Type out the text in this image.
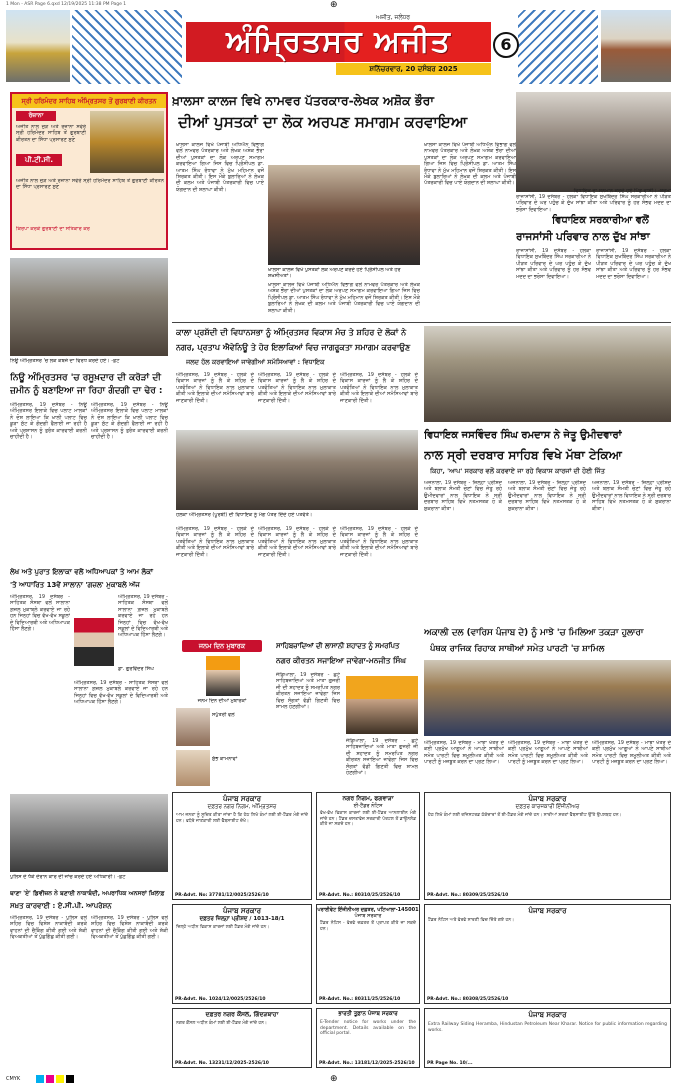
1 Mon - ASR Page 6.qxd 12/19/2025 11:38 PM Page 1	⊕
ਅਜੀਤ, ਜਲੰਧਰ
ਅੰਮ੍ਰਿਤਸਰ ਅਜੀਤ
ਸ਼ਨਿੱਚਰਵਾਰ, 20 ਦਸੰਬਰ 2025
6
ਸ੍ਰੀ ਹਰਿਮੰਦਰ ਸਾਹਿਬ ਅੰਮ੍ਰਿਤਸਰ ਤੋਂ ਗੁਰਬਾਣੀ ਕੀਰਤਨ
ਰੋਜ਼ਾਨਾ
ਅਜੀਤ ਨਾਲ ਜੁੜੋ ਅਤੇ ਰੋਜ਼ਾਨਾ ਸਵੇਰੇ ਸ੍ਰੀ ਹਰਿਮੰਦਰ ਸਾਹਿਬ ਤੋਂ ਗੁਰਬਾਣੀ ਕੀਰਤਨ ਦਾ ਸਿੱਧਾ ਪ੍ਰਸਾਰਣ ਸੁਣੋ
ਪੀ.ਟੀ.ਸੀ.
ਅਜੀਤ ਨਾਲ ਜੁੜੋ ਅਤੇ ਰੋਜ਼ਾਨਾ ਸਵੇਰੇ ਸ੍ਰੀ ਹਰਿਮੰਦਰ ਸਾਹਿਬ ਤੋਂ ਗੁਰਬਾਣੀ ਕੀਰਤਨ ਦਾ ਸਿੱਧਾ ਪ੍ਰਸਾਰਣ ਸੁਣੋ
ਕਿਰਪਾ ਕਰਕੇ ਗੁਰਬਾਣੀ ਦਾ ਸਤਿਕਾਰ ਕਰੋ
ਖ਼ਾਲਸਾ ਕਾਲਜ ਵਿਖੇ ਨਾਮਵਰ ਪੱਤਰਕਾਰ-ਲੇਖਕ ਅਸ਼ੋਕ ਭੌਰਾ
ਦੀਆਂ ਪੁਸਤਕਾਂ ਦਾ ਲੋਕ ਅਰਪਣ ਸਮਾਗਮ ਕਰਵਾਇਆ
ਖ਼ਾਲਸਾ ਕਾਲਜ ਵਿਖੇ ਪੰਜਾਬੀ ਅਧਿਐਨ ਵਿਭਾਗ ਵਲੋਂ ਨਾਮਵਰ ਪੱਤਰਕਾਰ ਅਤੇ ਲੇਖਕ ਅਸ਼ੋਕ ਭੌਰਾ ਦੀਆਂ ਪੁਸਤਕਾਂ ਦਾ ਲੋਕ ਅਰਪਣ ਸਮਾਗਮ ਕਰਵਾਇਆ ਗਿਆ ਜਿਸ ਵਿਚ ਪ੍ਰਿੰਸੀਪਲ ਡਾ. ਆਤਮ ਸਿੰਘ ਰੰਧਾਵਾ ਨੇ ਮੁੱਖ ਮਹਿਮਾਨ ਵਜੋਂ ਸ਼ਿਰਕਤ ਕੀਤੀ। ਇਸ ਮੌਕੇ ਬੁਲਾਰਿਆਂ ਨੇ ਲੇਖਕ ਦੀ ਕਲਮ ਅਤੇ ਪੰਜਾਬੀ ਪੱਤਰਕਾਰੀ ਵਿਚ ਪਾਏ ਯੋਗਦਾਨ ਦੀ ਸ਼ਲਾਘਾ ਕੀਤੀ।
ਖ਼ਾਲਸਾ ਕਾਲਜ ਵਿਖੇ ਪੁਸਤਕਾਂ ਲੋਕ ਅਰਪਣ ਕਰਦੇ ਹੋਏ ਪ੍ਰਿੰਸੀਪਲ ਅਤੇ ਹੋਰ ਸ਼ਖ਼ਸੀਅਤਾਂ।
ਖ਼ਾਲਸਾ ਕਾਲਜ ਵਿਖੇ ਪੰਜਾਬੀ ਅਧਿਐਨ ਵਿਭਾਗ ਵਲੋਂ ਨਾਮਵਰ ਪੱਤਰਕਾਰ ਅਤੇ ਲੇਖਕ ਅਸ਼ੋਕ ਭੌਰਾ ਦੀਆਂ ਪੁਸਤਕਾਂ ਦਾ ਲੋਕ ਅਰਪਣ ਸਮਾਗਮ ਕਰਵਾਇਆ ਗਿਆ ਜਿਸ ਵਿਚ ਪ੍ਰਿੰਸੀਪਲ ਡਾ. ਆਤਮ ਸਿੰਘ ਰੰਧਾਵਾ ਨੇ ਮੁੱਖ ਮਹਿਮਾਨ ਵਜੋਂ ਸ਼ਿਰਕਤ ਕੀਤੀ। ਇਸ ਮੌਕੇ ਬੁਲਾਰਿਆਂ ਨੇ ਲੇਖਕ ਦੀ ਕਲਮ ਅਤੇ ਪੰਜਾਬੀ ਪੱਤਰਕਾਰੀ ਵਿਚ ਪਾਏ ਯੋਗਦਾਨ ਦੀ ਸ਼ਲਾਘਾ ਕੀਤੀ।
ਖ਼ਾਲਸਾ ਕਾਲਜ ਵਿਖੇ ਪੰਜਾਬੀ ਅਧਿਐਨ ਵਿਭਾਗ ਵਲੋਂ ਨਾਮਵਰ ਪੱਤਰਕਾਰ ਅਤੇ ਲੇਖਕ ਅਸ਼ੋਕ ਭੌਰਾ ਦੀਆਂ ਪੁਸਤਕਾਂ ਦਾ ਲੋਕ ਅਰਪਣ ਸਮਾਗਮ ਕਰਵਾਇਆ ਗਿਆ ਜਿਸ ਵਿਚ ਪ੍ਰਿੰਸੀਪਲ ਡਾ. ਆਤਮ ਸਿੰਘ ਰੰਧਾਵਾ ਨੇ ਮੁੱਖ ਮਹਿਮਾਨ ਵਜੋਂ ਸ਼ਿਰਕਤ ਕੀਤੀ। ਇਸ ਮੌਕੇ ਬੁਲਾਰਿਆਂ ਨੇ ਲੇਖਕ ਦੀ ਕਲਮ ਅਤੇ ਪੰਜਾਬੀ ਪੱਤਰਕਾਰੀ ਵਿਚ ਪਾਏ ਯੋਗਦਾਨ ਦੀ ਸ਼ਲਾਘਾ ਕੀਤੀ।
ਰਾਜਾਸਾਂਸੀ, 19 ਦਸੰਬਰ - ਹਲਕਾ ਵਿਧਾਇਕ ਸੁਖਬਿੰਦਰ ਸਿੰਘ ਸਰਕਾਰੀਆ ਨੇ ਪੀੜਤ ਪਰਿਵਾਰ ਦੇ ਘਰ ਪਹੁੰਚ ਕੇ ਦੁੱਖ ਸਾਂਝਾ ਕੀਤਾ ਅਤੇ ਪਰਿਵਾਰ ਨੂੰ ਹਰ ਸੰਭਵ ਮਦਦ ਦਾ ਭਰੋਸਾ ਦਿਵਾਇਆ।
ਵਿਧਾਇਕ ਦਾ ਸਨਮਾਨ ਕਰਦੇ ਹੋਏ ਪਿੰਡ ਵਾਸੀ। -ਸ਼ਰਮਾ
ਵਿਧਾਇਕ ਸਰਕਾਰੀਆ ਵਲੋਂ
ਰਾਜਸਾਂਸੀ ਪਰਿਵਾਰ ਨਾਲ ਦੁੱਖ ਸਾਂਝਾ
ਰਾਜਾਸਾਂਸੀ, 19 ਦਸੰਬਰ - ਹਲਕਾ ਵਿਧਾਇਕ ਸੁਖਬਿੰਦਰ ਸਿੰਘ ਸਰਕਾਰੀਆ ਨੇ ਪੀੜਤ ਪਰਿਵਾਰ ਦੇ ਘਰ ਪਹੁੰਚ ਕੇ ਦੁੱਖ ਸਾਂਝਾ ਕੀਤਾ ਅਤੇ ਪਰਿਵਾਰ ਨੂੰ ਹਰ ਸੰਭਵ ਮਦਦ ਦਾ ਭਰੋਸਾ ਦਿਵਾਇਆ।
ਰਾਜਾਸਾਂਸੀ, 19 ਦਸੰਬਰ - ਹਲਕਾ ਵਿਧਾਇਕ ਸੁਖਬਿੰਦਰ ਸਿੰਘ ਸਰਕਾਰੀਆ ਨੇ ਪੀੜਤ ਪਰਿਵਾਰ ਦੇ ਘਰ ਪਹੁੰਚ ਕੇ ਦੁੱਖ ਸਾਂਝਾ ਕੀਤਾ ਅਤੇ ਪਰਿਵਾਰ ਨੂੰ ਹਰ ਸੰਭਵ ਮਦਦ ਦਾ ਭਰੋਸਾ ਦਿਵਾਇਆ।
ਨਿਊ ਅੰਮ੍ਰਿਤਸਰ 'ਚ ਲੋਕ ਕਬਜ਼ੇ ਦਾ ਵਿਰੋਧ ਕਰਦੇ ਹੋਏ। -ਫ਼ੋਟੋ
ਨਿਊ ਅੰਮ੍ਰਿਤਸਰ 'ਚ ਰਸੂਖ਼ਦਾਰ ਦੀ ਕਰੋੜਾਂ ਦੀ ਜ਼ਮੀਨ ਨੂੰ ਬਣਾਇਆ ਜਾ ਰਿਹਾ ਗੰਦਗੀ ਦਾ ਢੇਰ :
ਅੰਮ੍ਰਿਤਸਰ, 19 ਦਸੰਬਰ - ਨਿਊ ਅੰਮ੍ਰਿਤਸਰ ਇਲਾਕੇ ਵਿਚ ਪਲਾਟ ਮਾਲਕਾਂ ਨੇ ਦੋਸ਼ ਲਾਇਆ ਕਿ ਖ਼ਾਲੀ ਪਲਾਟ ਵਿਚ ਕੂੜਾ ਸੁੱਟ ਕੇ ਗੰਦਗੀ ਫੈਲਾਈ ਜਾ ਰਹੀ ਹੈ ਅਤੇ ਪ੍ਰਸ਼ਾਸਨ ਨੂੰ ਤੁਰੰਤ ਕਾਰਵਾਈ ਕਰਨੀ ਚਾਹੀਦੀ ਹੈ।
ਅੰਮ੍ਰਿਤਸਰ, 19 ਦਸੰਬਰ - ਨਿਊ ਅੰਮ੍ਰਿਤਸਰ ਇਲਾਕੇ ਵਿਚ ਪਲਾਟ ਮਾਲਕਾਂ ਨੇ ਦੋਸ਼ ਲਾਇਆ ਕਿ ਖ਼ਾਲੀ ਪਲਾਟ ਵਿਚ ਕੂੜਾ ਸੁੱਟ ਕੇ ਗੰਦਗੀ ਫੈਲਾਈ ਜਾ ਰਹੀ ਹੈ ਅਤੇ ਪ੍ਰਸ਼ਾਸਨ ਨੂੰ ਤੁਰੰਤ ਕਾਰਵਾਈ ਕਰਨੀ ਚਾਹੀਦੀ ਹੈ।
ਕਾਲਾ ਪ੍ਰਸ਼ੱਦੀ ਦੀ ਵਿਧਾਨਸਭਾ ਨੂੰ ਅੰਮ੍ਰਿਤਸਰ ਵਿਕਾਸ ਮੰਚ ਤੇ ਸ਼ਹਿਰ ਦੇ ਲੋਕਾਂ ਨੇ
ਨਗਰ, ਪ੍ਰਤਾਪ ਐਵੇਨਿਊ ਤੇ ਹੋਰ ਇਲਾਕਿਆਂ ਵਿਚ ਜਾਗਰੂਕਤਾ ਸਮਾਗਮ ਕਰਵਾਉਣ
ਜਲਦ ਹੱਲ ਕਰਵਾਇਆਂ ਜਾਵੇਗੀਆਂ ਸਮੱਸਿਆਵਾਂ : ਵਿਧਾਇਕ
ਅੰਮ੍ਰਿਤਸਰ, 19 ਦਸੰਬਰ - ਹਲਕੇ ਦੇ ਵਿਕਾਸ ਕਾਰਜਾਂ ਨੂੰ ਲੈ ਕੇ ਸ਼ਹਿਰ ਦੇ ਪਤਵੰਤਿਆਂ ਨੇ ਵਿਧਾਇਕ ਨਾਲ ਮੁਲਾਕਾਤ ਕੀਤੀ ਅਤੇ ਇਲਾਕੇ ਦੀਆਂ ਸਮੱਸਿਆਵਾਂ ਬਾਰੇ ਜਾਣਕਾਰੀ ਦਿੱਤੀ।
ਅੰਮ੍ਰਿਤਸਰ, 19 ਦਸੰਬਰ - ਹਲਕੇ ਦੇ ਵਿਕਾਸ ਕਾਰਜਾਂ ਨੂੰ ਲੈ ਕੇ ਸ਼ਹਿਰ ਦੇ ਪਤਵੰਤਿਆਂ ਨੇ ਵਿਧਾਇਕ ਨਾਲ ਮੁਲਾਕਾਤ ਕੀਤੀ ਅਤੇ ਇਲਾਕੇ ਦੀਆਂ ਸਮੱਸਿਆਵਾਂ ਬਾਰੇ ਜਾਣਕਾਰੀ ਦਿੱਤੀ।
ਅੰਮ੍ਰਿਤਸਰ, 19 ਦਸੰਬਰ - ਹਲਕੇ ਦੇ ਵਿਕਾਸ ਕਾਰਜਾਂ ਨੂੰ ਲੈ ਕੇ ਸ਼ਹਿਰ ਦੇ ਪਤਵੰਤਿਆਂ ਨੇ ਵਿਧਾਇਕ ਨਾਲ ਮੁਲਾਕਾਤ ਕੀਤੀ ਅਤੇ ਇਲਾਕੇ ਦੀਆਂ ਸਮੱਸਿਆਵਾਂ ਬਾਰੇ ਜਾਣਕਾਰੀ ਦਿੱਤੀ।
ਹਲਕਾ ਅੰਮ੍ਰਿਤਸਰ (ਪੂਰਬੀ) ਦੀ ਵਿਧਾਇਕ ਨੂੰ ਮੰਗ ਪੱਤਰ ਦਿੰਦੇ ਹੋਏ ਪਤਵੰਤੇ।
ਅੰਮ੍ਰਿਤਸਰ, 19 ਦਸੰਬਰ - ਹਲਕੇ ਦੇ ਵਿਕਾਸ ਕਾਰਜਾਂ ਨੂੰ ਲੈ ਕੇ ਸ਼ਹਿਰ ਦੇ ਪਤਵੰਤਿਆਂ ਨੇ ਵਿਧਾਇਕ ਨਾਲ ਮੁਲਾਕਾਤ ਕੀਤੀ ਅਤੇ ਇਲਾਕੇ ਦੀਆਂ ਸਮੱਸਿਆਵਾਂ ਬਾਰੇ ਜਾਣਕਾਰੀ ਦਿੱਤੀ।
ਅੰਮ੍ਰਿਤਸਰ, 19 ਦਸੰਬਰ - ਹਲਕੇ ਦੇ ਵਿਕਾਸ ਕਾਰਜਾਂ ਨੂੰ ਲੈ ਕੇ ਸ਼ਹਿਰ ਦੇ ਪਤਵੰਤਿਆਂ ਨੇ ਵਿਧਾਇਕ ਨਾਲ ਮੁਲਾਕਾਤ ਕੀਤੀ ਅਤੇ ਇਲਾਕੇ ਦੀਆਂ ਸਮੱਸਿਆਵਾਂ ਬਾਰੇ ਜਾਣਕਾਰੀ ਦਿੱਤੀ।
ਅੰਮ੍ਰਿਤਸਰ, 19 ਦਸੰਬਰ - ਹਲਕੇ ਦੇ ਵਿਕਾਸ ਕਾਰਜਾਂ ਨੂੰ ਲੈ ਕੇ ਸ਼ਹਿਰ ਦੇ ਪਤਵੰਤਿਆਂ ਨੇ ਵਿਧਾਇਕ ਨਾਲ ਮੁਲਾਕਾਤ ਕੀਤੀ ਅਤੇ ਇਲਾਕੇ ਦੀਆਂ ਸਮੱਸਿਆਵਾਂ ਬਾਰੇ ਜਾਣਕਾਰੀ ਦਿੱਤੀ।
ਵਿਧਾਇਕ ਜਸਵਿੰਦਰ ਸਿੰਘ ਰਮਦਾਸ ਨੇ ਜੇਤੂ ਉਮੀਦਵਾਰਾਂ
ਨਾਲ ਸ੍ਰੀ ਦਰਬਾਰ ਸਾਹਿਬ ਵਿਖੇ ਮੱਥਾ ਟੇਕਿਆ
ਕਿਹਾ, 'ਆਪ' ਸਰਕਾਰ ਵਲੋਂ ਕਰਵਾਏ ਜਾ ਰਹੇ ਵਿਕਾਸ ਕਾਰਜਾਂ ਦੀ ਹੋਈ ਜਿੱਤ
ਅਜਨਾਲਾ, 19 ਦਸੰਬਰ - ਜ਼ਿਲ੍ਹਾ ਪ੍ਰੀਸ਼ਦ ਅਤੇ ਬਲਾਕ ਸੰਮਤੀ ਚੋਣਾਂ ਵਿਚ ਜੇਤੂ ਰਹੇ ਉਮੀਦਵਾਰਾਂ ਨਾਲ ਵਿਧਾਇਕ ਨੇ ਸ੍ਰੀ ਦਰਬਾਰ ਸਾਹਿਬ ਵਿਖੇ ਨਤਮਸਤਕ ਹੋ ਕੇ ਸ਼ੁਕਰਾਨਾ ਕੀਤਾ।
ਅਜਨਾਲਾ, 19 ਦਸੰਬਰ - ਜ਼ਿਲ੍ਹਾ ਪ੍ਰੀਸ਼ਦ ਅਤੇ ਬਲਾਕ ਸੰਮਤੀ ਚੋਣਾਂ ਵਿਚ ਜੇਤੂ ਰਹੇ ਉਮੀਦਵਾਰਾਂ ਨਾਲ ਵਿਧਾਇਕ ਨੇ ਸ੍ਰੀ ਦਰਬਾਰ ਸਾਹਿਬ ਵਿਖੇ ਨਤਮਸਤਕ ਹੋ ਕੇ ਸ਼ੁਕਰਾਨਾ ਕੀਤਾ।
ਅਜਨਾਲਾ, 19 ਦਸੰਬਰ - ਜ਼ਿਲ੍ਹਾ ਪ੍ਰੀਸ਼ਦ ਅਤੇ ਬਲਾਕ ਸੰਮਤੀ ਚੋਣਾਂ ਵਿਚ ਜੇਤੂ ਰਹੇ ਉਮੀਦਵਾਰਾਂ ਨਾਲ ਵਿਧਾਇਕ ਨੇ ਸ੍ਰੀ ਦਰਬਾਰ ਸਾਹਿਬ ਵਿਖੇ ਨਤਮਸਤਕ ਹੋ ਕੇ ਸ਼ੁਕਰਾਨਾ ਕੀਤਾ।
ਲੇਖ ਅਤੇ ਪੁਰਾਤ ਇਲਾਕਾ ਵਲੋਂ ਅਧਿਆਪਕਾਂ ਤੇ ਆਮ ਲੋਕਾਂ
'ਤੇ ਆਧਾਰਿਤ 13ਵੇਂ ਸਾਲਾਨਾ 'ਗਜ਼ਲ' ਮੁਕਾਬਲੇ ਅੱਜ
ਅੰਮ੍ਰਿਤਸਰ, 19 ਦਸੰਬਰ - ਸਾਹਿਤਕ ਸੰਸਥਾ ਵਲੋਂ ਸਾਲਾਨਾ ਗ਼ਜ਼ਲ ਮੁਕਾਬਲੇ ਕਰਵਾਏ ਜਾ ਰਹੇ ਹਨ ਜਿਨ੍ਹਾਂ ਵਿਚ ਵੱਖ-ਵੱਖ ਸਕੂਲਾਂ ਦੇ ਵਿਦਿਆਰਥੀ ਅਤੇ ਅਧਿਆਪਕ ਹਿੱਸਾ ਲੈਣਗੇ।
ਡਾ. ਗੁਰਵਿੰਦਰ ਸਿੰਘ
ਅੰਮ੍ਰਿਤਸਰ, 19 ਦਸੰਬਰ - ਸਾਹਿਤਕ ਸੰਸਥਾ ਵਲੋਂ ਸਾਲਾਨਾ ਗ਼ਜ਼ਲ ਮੁਕਾਬਲੇ ਕਰਵਾਏ ਜਾ ਰਹੇ ਹਨ ਜਿਨ੍ਹਾਂ ਵਿਚ ਵੱਖ-ਵੱਖ ਸਕੂਲਾਂ ਦੇ ਵਿਦਿਆਰਥੀ ਅਤੇ ਅਧਿਆਪਕ ਹਿੱਸਾ ਲੈਣਗੇ।
ਅੰਮ੍ਰਿਤਸਰ, 19 ਦਸੰਬਰ - ਸਾਹਿਤਕ ਸੰਸਥਾ ਵਲੋਂ ਸਾਲਾਨਾ ਗ਼ਜ਼ਲ ਮੁਕਾਬਲੇ ਕਰਵਾਏ ਜਾ ਰਹੇ ਹਨ ਜਿਨ੍ਹਾਂ ਵਿਚ ਵੱਖ-ਵੱਖ ਸਕੂਲਾਂ ਦੇ ਵਿਦਿਆਰਥੀ ਅਤੇ ਅਧਿਆਪਕ ਹਿੱਸਾ ਲੈਣਗੇ।
ਜਨਮ ਦਿਨ ਮੁਬਾਰਕ
ਜਨਮ ਦਿਨ ਦੀਆਂ ਮੁਬਾਰਕਾਂ
ਸਪੁੱਤਰੀ ਵਲੋਂ
ਸ਼ੁੱਭ ਕਾਮਨਾਵਾਂ
ਸਾਹਿਬਜ਼ਾਦਿਆਂ ਦੀ ਲਾਸਾਨੀ ਸ਼ਹਾਦਤ ਨੂੰ ਸਮਰਪਿਤ
ਨਗਰ ਕੀਰਤਨ ਸਜਾਇਆ ਜਾਵੇਗਾ-ਮਨਜੀਤ ਸਿੰਘ
ਜੰਡਿਆਲਾ, 19 ਦਸੰਬਰ - ਛੋਟੇ ਸਾਹਿਬਜ਼ਾਦਿਆਂ ਅਤੇ ਮਾਤਾ ਗੁਜਰੀ ਜੀ ਦੀ ਸ਼ਹਾਦਤ ਨੂੰ ਸਮਰਪਿਤ ਨਗਰ ਕੀਰਤਨ ਸਜਾਇਆ ਜਾਵੇਗਾ ਜਿਸ ਵਿਚ ਸੰਗਤਾਂ ਵੱਡੀ ਗਿਣਤੀ ਵਿਚ ਸ਼ਾਮਲ ਹੋਣਗੀਆਂ।
ਜੰਡਿਆਲਾ, 19 ਦਸੰਬਰ - ਛੋਟੇ ਸਾਹਿਬਜ਼ਾਦਿਆਂ ਅਤੇ ਮਾਤਾ ਗੁਜਰੀ ਜੀ ਦੀ ਸ਼ਹਾਦਤ ਨੂੰ ਸਮਰਪਿਤ ਨਗਰ ਕੀਰਤਨ ਸਜਾਇਆ ਜਾਵੇਗਾ ਜਿਸ ਵਿਚ ਸੰਗਤਾਂ ਵੱਡੀ ਗਿਣਤੀ ਵਿਚ ਸ਼ਾਮਲ ਹੋਣਗੀਆਂ।
ਅਕਾਲੀ ਦਲ (ਵਾਰਿਸ ਪੰਜਾਬ ਦੇ) ਨੂੰ ਮਾਝੇ 'ਚ ਮਿਲਿਆ ਤਕੜਾ ਹੁਲਾਰਾ
ਪੰਥਕ ਰਾਜਿਕ ਰਿਹਾਕ ਸਾਥੀਆਂ ਸਮੇਤ ਪਾਰਟੀ 'ਚ ਸ਼ਾਮਿਲ
ਅੰਮ੍ਰਿਤਸਰ, 19 ਦਸੰਬਰ - ਮਾਝਾ ਖੇਤਰ ਦੇ ਕਈ ਪ੍ਰਮੁੱਖ ਆਗੂਆਂ ਨੇ ਆਪਣੇ ਸਾਥੀਆਂ ਸਮੇਤ ਪਾਰਟੀ ਵਿਚ ਸ਼ਮੂਲੀਅਤ ਕੀਤੀ ਅਤੇ ਪਾਰਟੀ ਨੂੰ ਮਜ਼ਬੂਤ ਕਰਨ ਦਾ ਪ੍ਰਣ ਲਿਆ।
ਅੰਮ੍ਰਿਤਸਰ, 19 ਦਸੰਬਰ - ਮਾਝਾ ਖੇਤਰ ਦੇ ਕਈ ਪ੍ਰਮੁੱਖ ਆਗੂਆਂ ਨੇ ਆਪਣੇ ਸਾਥੀਆਂ ਸਮੇਤ ਪਾਰਟੀ ਵਿਚ ਸ਼ਮੂਲੀਅਤ ਕੀਤੀ ਅਤੇ ਪਾਰਟੀ ਨੂੰ ਮਜ਼ਬੂਤ ਕਰਨ ਦਾ ਪ੍ਰਣ ਲਿਆ।
ਅੰਮ੍ਰਿਤਸਰ, 19 ਦਸੰਬਰ - ਮਾਝਾ ਖੇਤਰ ਦੇ ਕਈ ਪ੍ਰਮੁੱਖ ਆਗੂਆਂ ਨੇ ਆਪਣੇ ਸਾਥੀਆਂ ਸਮੇਤ ਪਾਰਟੀ ਵਿਚ ਸ਼ਮੂਲੀਅਤ ਕੀਤੀ ਅਤੇ ਪਾਰਟੀ ਨੂੰ ਮਜ਼ਬੂਤ ਕਰਨ ਦਾ ਪ੍ਰਣ ਲਿਆ।
ਪੁਲਿਸ ਦੇ ਧੱਕੇ ਦੌਰਾਨ ਕਾਰ ਦੀ ਜਾਂਚ ਕਰਦੇ ਹੋਏ ਅਧਿਕਾਰੀ। -ਫ਼ੋਟੋ
ਥਾਣਾ 'ਏ' ਡਿਵੀਜ਼ਨ ਨੇ ਬਣਾਈ ਨਾਕਾਬੰਦੀ, ਅਪਰਾਧਿਕ ਅਨਸਰਾਂ ਖ਼ਿਲਾਫ਼
ਸਖ਼ਤ ਕਾਰਵਾਈ : ਏ.ਸੀ.ਪੀ. ਆਪਰੇਸ਼ਨ
ਅੰਮ੍ਰਿਤਸਰ, 19 ਦਸੰਬਰ - ਪੁਲਿਸ ਵਲੋਂ ਸ਼ਹਿਰ ਵਿਚ ਵਿਸ਼ੇਸ਼ ਨਾਕਾਬੰਦੀ ਕਰਕੇ ਵਾਹਨਾਂ ਦੀ ਚੈਕਿੰਗ ਕੀਤੀ ਗਈ ਅਤੇ ਸ਼ੱਕੀ ਵਿਅਕਤੀਆਂ ਤੋਂ ਪੁੱਛਗਿੱਛ ਕੀਤੀ ਗਈ।
ਅੰਮ੍ਰਿਤਸਰ, 19 ਦਸੰਬਰ - ਪੁਲਿਸ ਵਲੋਂ ਸ਼ਹਿਰ ਵਿਚ ਵਿਸ਼ੇਸ਼ ਨਾਕਾਬੰਦੀ ਕਰਕੇ ਵਾਹਨਾਂ ਦੀ ਚੈਕਿੰਗ ਕੀਤੀ ਗਈ ਅਤੇ ਸ਼ੱਕੀ ਵਿਅਕਤੀਆਂ ਤੋਂ ਪੁੱਛਗਿੱਛ ਕੀਤੀ ਗਈ।
ਪੰਜਾਬ ਸਰਕਾਰ
ਦਫ਼ਤਰ ਨਗਰ ਨਿਗਮ, ਅੰਮ੍ਰਿਤਸਰ
ਆਮ ਜਨਤਾ ਨੂੰ ਸੂਚਿਤ ਕੀਤਾ ਜਾਂਦਾ ਹੈ ਕਿ ਹੇਠ ਲਿਖੇ ਕੰਮਾਂ ਲਈ ਈ-ਟੈਂਡਰ ਮੰਗੇ ਜਾਂਦੇ ਹਨ। ਵਧੇਰੇ ਜਾਣਕਾਰੀ ਲਈ ਵੈੱਬਸਾਈਟ ਦੇਖੋ।
PR-Advt. No: 37781/12/0025/2526/10
ਨਗਰ ਨਿਗਮ, ਫਗਵਾੜਾ
ਈ-ਟੈਂਡਰ ਨੋਟਿਸ
ਵੱਖ-ਵੱਖ ਵਿਕਾਸ ਕਾਰਜਾਂ ਲਈ ਈ-ਟੈਂਡਰ ਆਨਲਾਈਨ ਮੰਗੇ ਜਾਂਦੇ ਹਨ। ਟੈਂਡਰ ਦਸਤਾਵੇਜ਼ ਸਰਕਾਰੀ ਪੋਰਟਲ ਤੋਂ ਡਾਊਨਲੋਡ ਕੀਤੇ ਜਾ ਸਕਦੇ ਹਨ।
PR-Advt. No.: 80310/25/2526/10
ਪੰਜਾਬ ਸਰਕਾਰ
ਦਫ਼ਤਰ ਕਾਰਜਕਾਰੀ ਇੰਜੀਨੀਅਰ
ਹੇਠ ਲਿਖੇ ਕੰਮਾਂ ਲਈ ਰਜਿਸਟਰਡ ਠੇਕੇਦਾਰਾਂ ਤੋਂ ਈ-ਟੈਂਡਰ ਮੰਗੇ ਜਾਂਦੇ ਹਨ। ਸਾਰੀਆਂ ਸ਼ਰਤਾਂ ਵੈੱਬਸਾਈਟ ਉੱਤੇ ਉਪਲਬਧ ਹਨ।
PR-Advt. No.: 80309/25/2526/10
ਪੰਜਾਬ ਸਰਕਾਰ
ਦਫ਼ਤਰ ਜ਼ਿਲ੍ਹਾ ਪ੍ਰੀਸ਼ਦ / 1013-18/1
ਜ਼ਿਲ੍ਹੇ ਅਧੀਨ ਵਿਕਾਸ ਕਾਰਜਾਂ ਲਈ ਟੈਂਡਰ ਮੰਗੇ ਜਾਂਦੇ ਹਨ।
PR-Advt. No. 1024/12/0025/2526/10
ਪਰਾਈਵੇਟ ਇੰਜੀਨੀਅਰ ਦਫ਼ਤਰ, ਪਟਿਆਲਾ-145001
ਪੰਜਾਬ ਸਰਕਾਰ
ਟੈਂਡਰ ਨੋਟਿਸ - ਵੇਰਵੇ ਦਫ਼ਤਰ ਤੋਂ ਪ੍ਰਾਪਤ ਕੀਤੇ ਜਾ ਸਕਦੇ ਹਨ।
PR-Advt. No.: 80311/25/2526/10
ਪੰਜਾਬ ਸਰਕਾਰ
ਟੈਂਡਰ ਨੋਟਿਸ ਅਤੇ ਵੇਰਵੇ ਸਾਰਣੀ ਵਿਚ ਦਿੱਤੇ ਗਏ ਹਨ।
PR-Advt. No.: 80308/25/2526/10
ਦਫ਼ਤਰ ਨਗਰ ਕੌਂਸਲ, ਗਿੱਦੜਬਾਹਾ
ਨਗਰ ਕੌਂਸਲ ਅਧੀਨ ਕੰਮਾਂ ਲਈ ਈ-ਟੈਂਡਰ ਮੰਗੇ ਜਾਂਦੇ ਹਨ।
PR-Advt. No. 13231/12/2025-2526/10
ਭਾਰਤੀ ਤੂਫ਼ਾਨ ਪੰਜਾਬ ਸਰਕਾਰ
E-Tender notice for works under the department. Details available on the official portal.
PR-Advt. No.: 13181/12/2025-2526/10
ਪੰਜਾਬ ਸਰਕਾਰ
Extra Railway Siding Heramba, Hindustan Petroleum Near Kharar. Notice for public information regarding works.
PR Page No. 10/...
CMYK	⊕
